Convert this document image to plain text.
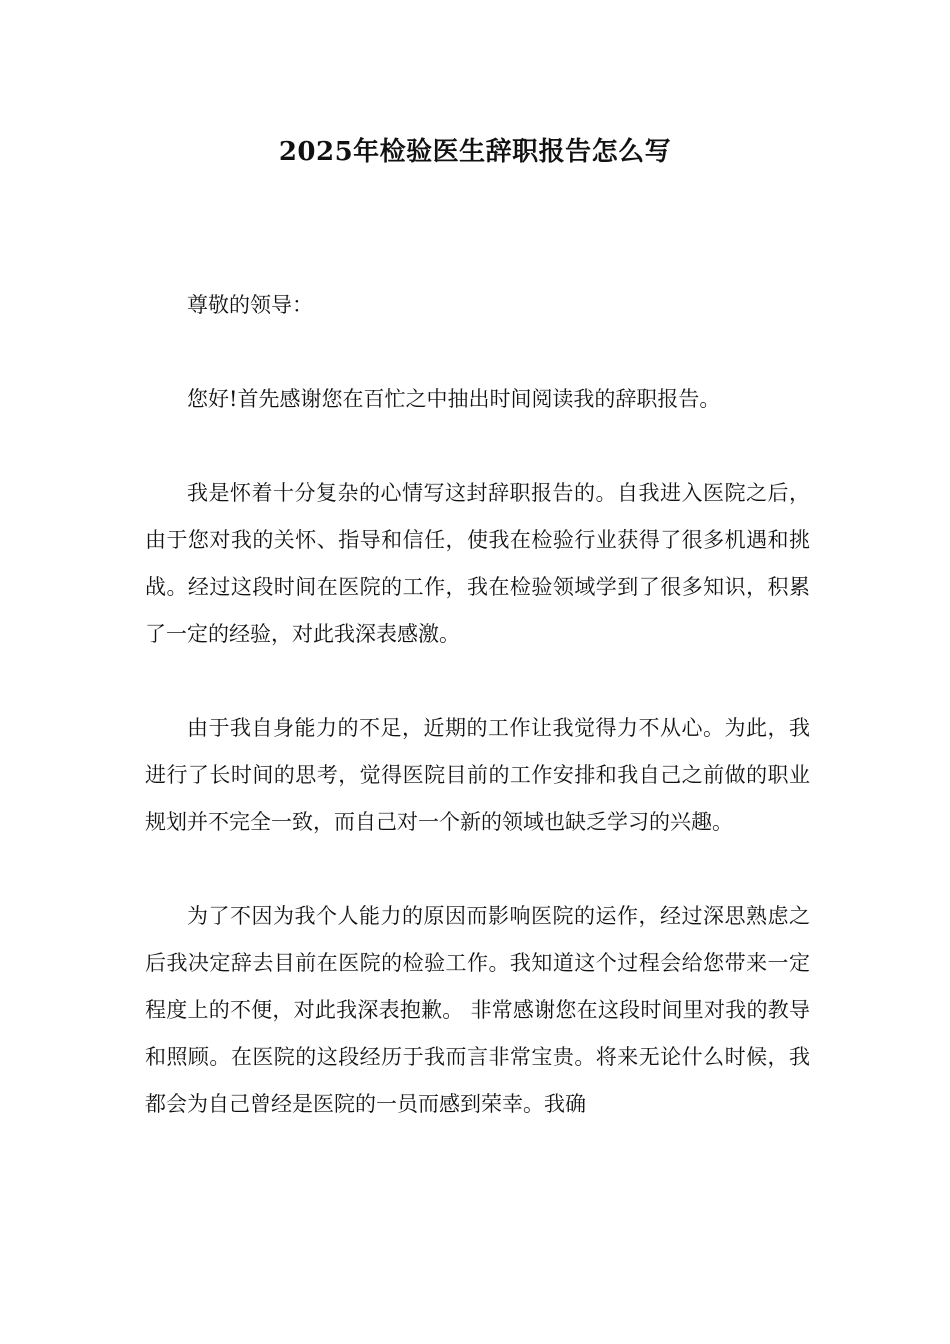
2025年检验医生辞职报告怎么写

尊敬的领导：

您好!首先感谢您在百忙之中抽出时间阅读我的辞职报告。

我是怀着十分复杂的心情写这封辞职报告的。自我进入医院之后，由于您对我的关怀、指导和信任，使我在检验行业获得了很多机遇和挑战。经过这段时间在医院的工作，我在检验领域学到了很多知识，积累了一定的经验，对此我深表感激。

由于我自身能力的不足，近期的工作让我觉得力不从心。为此，我进行了长时间的思考，觉得医院目前的工作安排和我自己之前做的职业规划并不完全一致，而自己对一个新的领域也缺乏学习的兴趣。

为了不因为我个人能力的原因而影响医院的运作，经过深思熟虑之后我决定辞去目前在医院的检验工作。我知道这个过程会给您带来一定程度上的不便，对此我深表抱歉。 非常感谢您在这段时间里对我的教导和照顾。在医院的这段经历于我而言非常宝贵。将来无论什么时候，我都会为自己曾经是医院的一员而感到荣幸。我确
